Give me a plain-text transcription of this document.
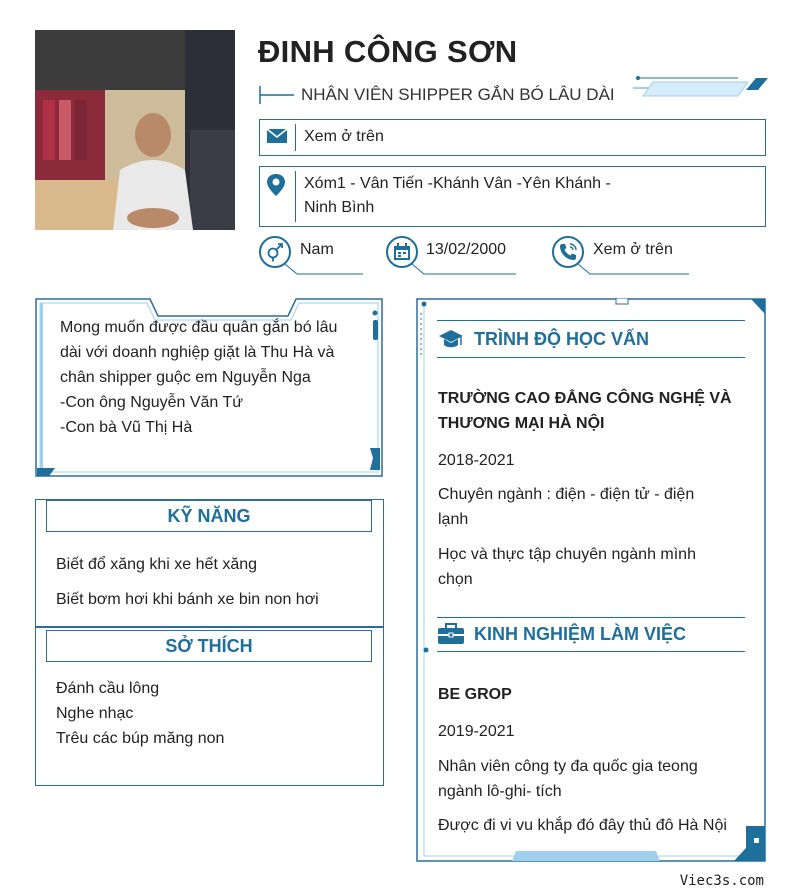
ĐINH CÔNG SƠN
NHÂN VIÊN SHIPPER GẮN BÓ LÂU DÀI
Xem ở trên
Xóm1 - Vân Tiến -Khánh Vân -Yên Khánh - Ninh Bình
Nam	13/02/2000	Xem ở trên
Mong muốn được đầu quân gắn bó lâu
dài với doanh nghiệp giặt là Thu Hà và
chân shipper guộc em Nguyễn Nga
-Con ông Nguyễn Văn Tứ
-Con bà Vũ Thị Hà
KỸ NĂNG
Biết đổ xăng khi xe hết xăng
Biết bơm hơi khi bánh xe bin non hơi
SỞ THÍCH
Đánh cầu lông
Nghe nhạc
Trêu các búp măng non
TRÌNH ĐỘ HỌC VẤN
TRƯỜNG CAO ĐẲNG CÔNG NGHỆ VÀ
THƯƠNG MẠI HÀ NỘI
2018-2021
Chuyên ngành : điện - điện tử - điện
lạnh
Học và thực tập chuyên ngành mình
chọn
KINH NGHIỆM LÀM VIỆC
BE GROP
2019-2021
Nhân viên công ty đa quốc gia teong
ngành lô-ghi- tích
Được đi vi vu khắp đó đây thủ đô Hà Nội
Viec3s.com
